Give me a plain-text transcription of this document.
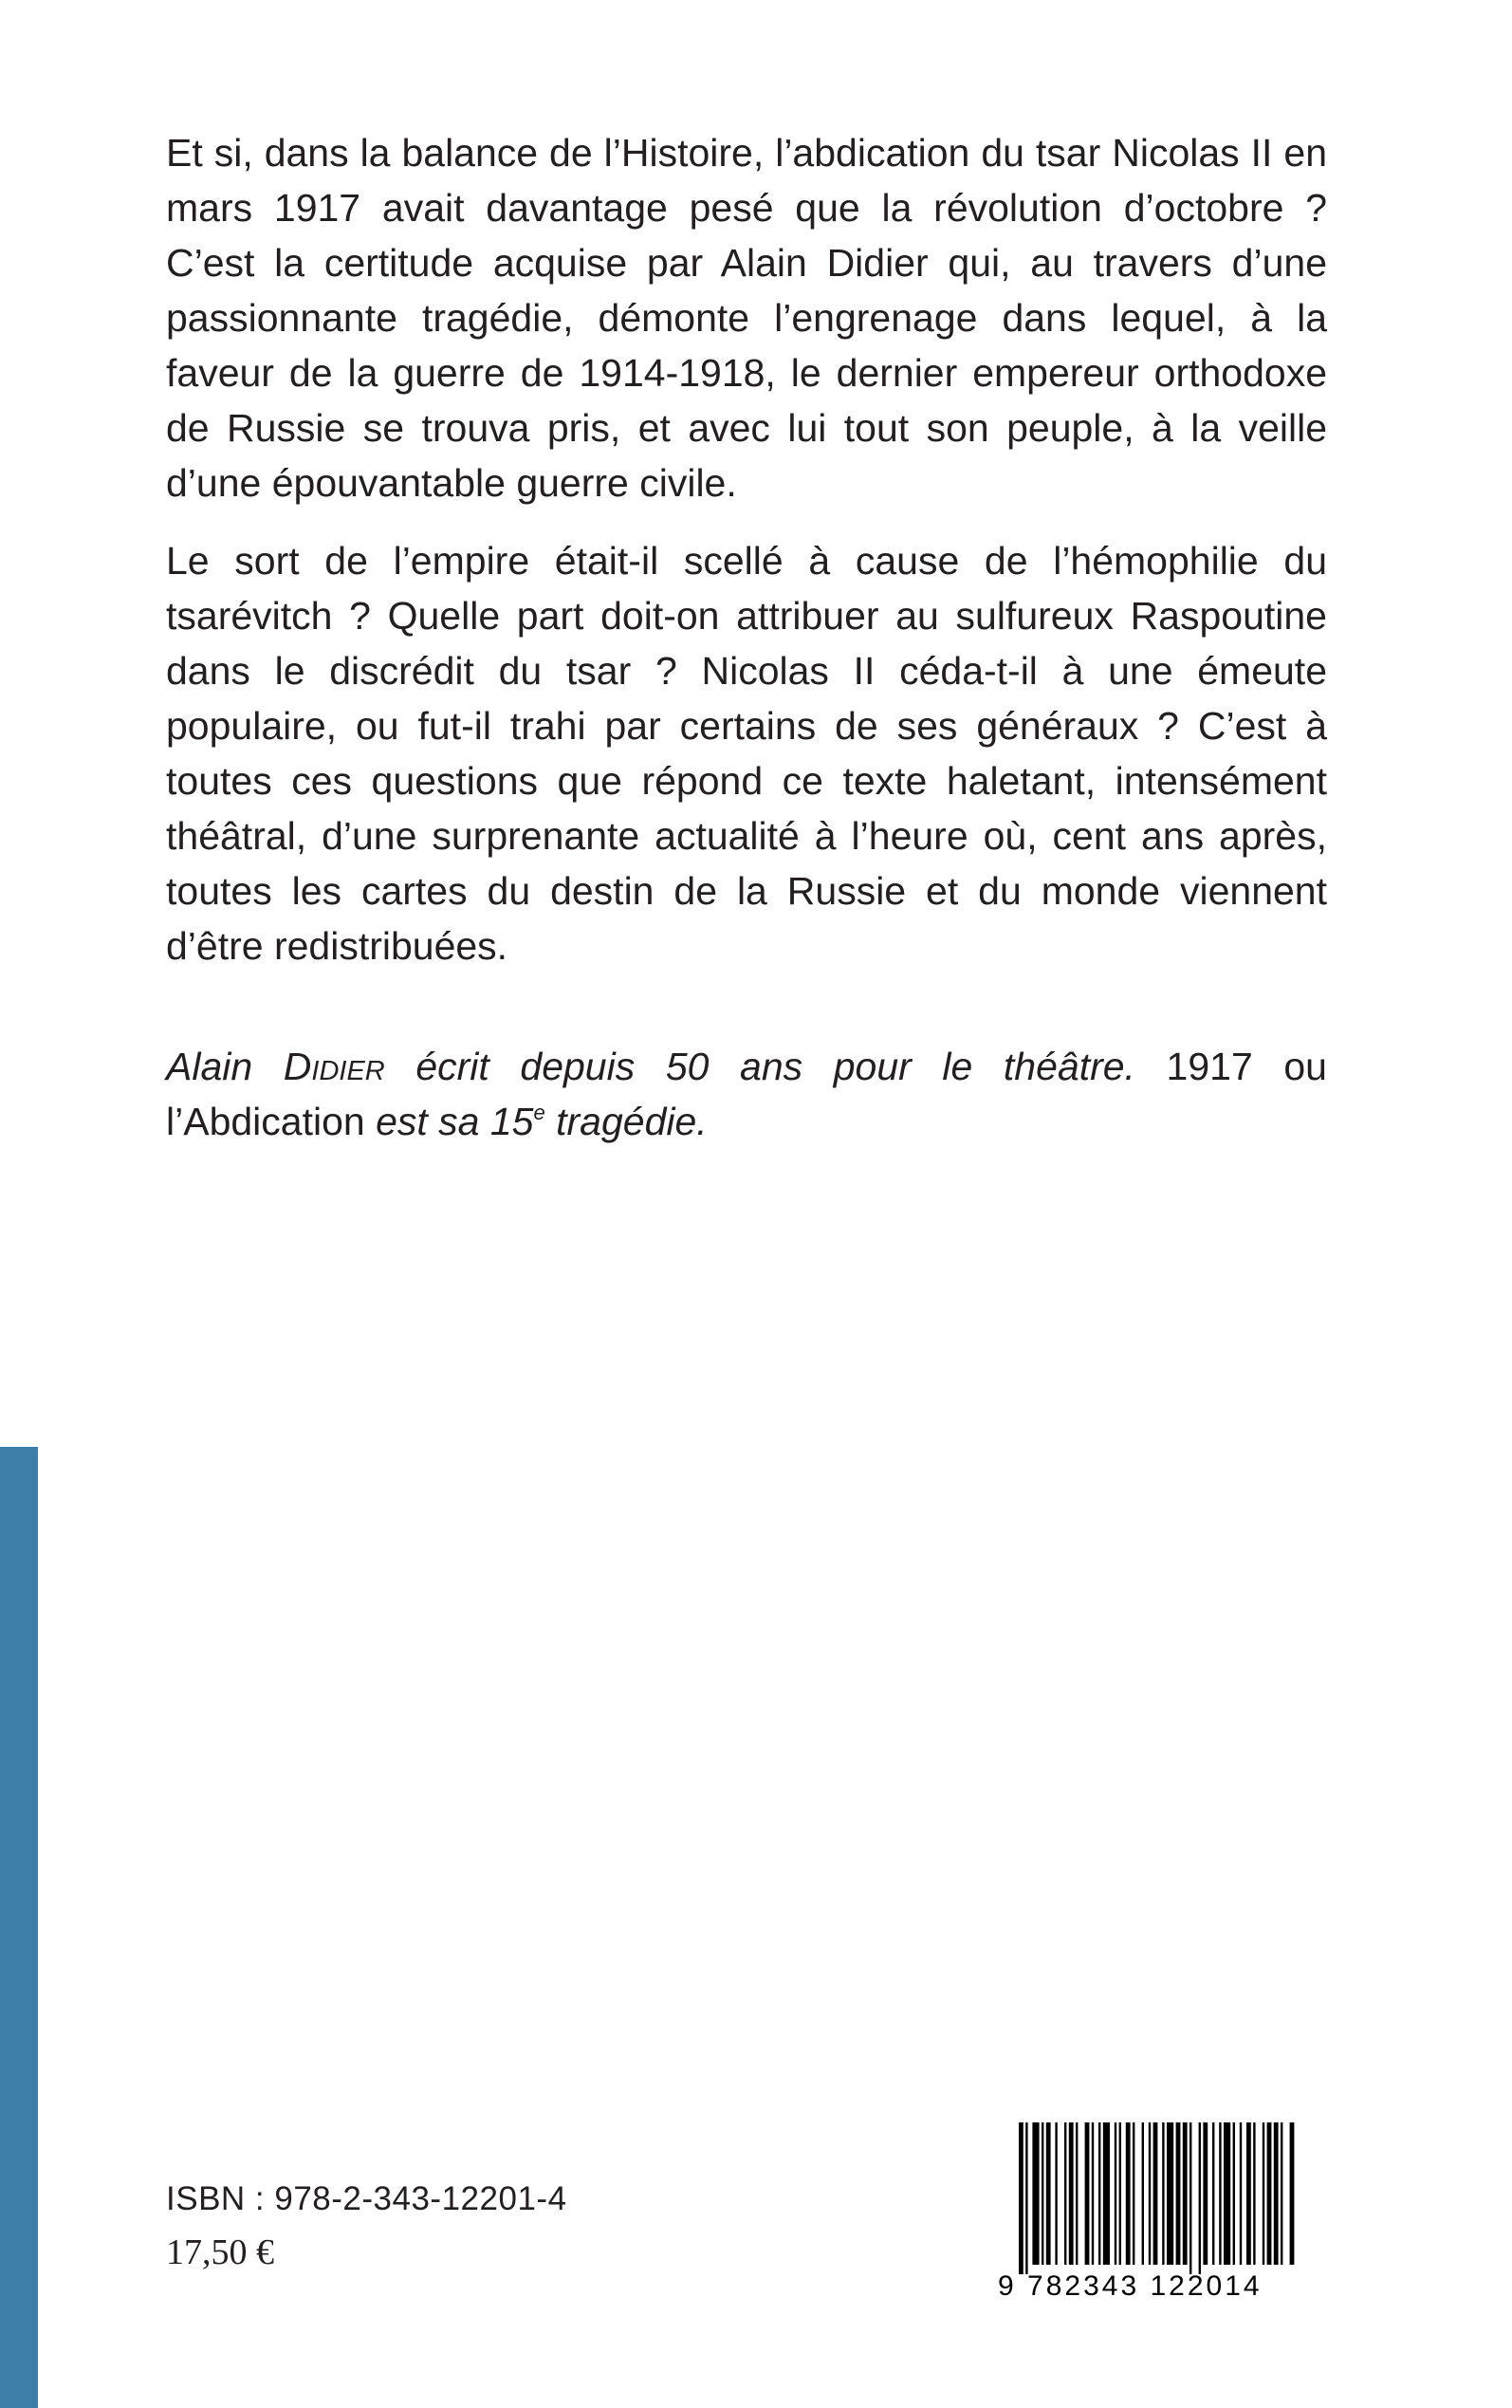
Et si, dans la balance de l’Histoire, l’abdication du tsar Nicolas II en mars 1917 avait davantage pesé que la révolution d’octobre ? C’est la certitude acquise par Alain Didier qui, au travers d’une passionnante tragédie, démonte l’engrenage dans lequel, à la faveur de la guerre de 1914-1918, le dernier empereur orthodoxe de Russie se trouva pris, et avec lui tout son peuple, à la veille d’une épouvantable guerre civile.

Le sort de l’empire était-il scellé à cause de l’hémophilie du tsarévitch ? Quelle part doit-on attribuer au sulfureux Raspoutine dans le discrédit du tsar ? Nicolas II céda-t-il à une émeute populaire, ou fut-il trahi par certains de ses généraux ? C’est à toutes ces questions que répond ce texte haletant, intensément théâtral, d’une surprenante actualité à l’heure où, cent ans après, toutes les cartes du destin de la Russie et du monde viennent d’être redistribuées.

Alain Didier écrit depuis 50 ans pour le théâtre. 1917 ou l’Abdication est sa 15e tragédie.

ISBN : 978-2-343-12201-4
17,50 €
9 782343 122014
